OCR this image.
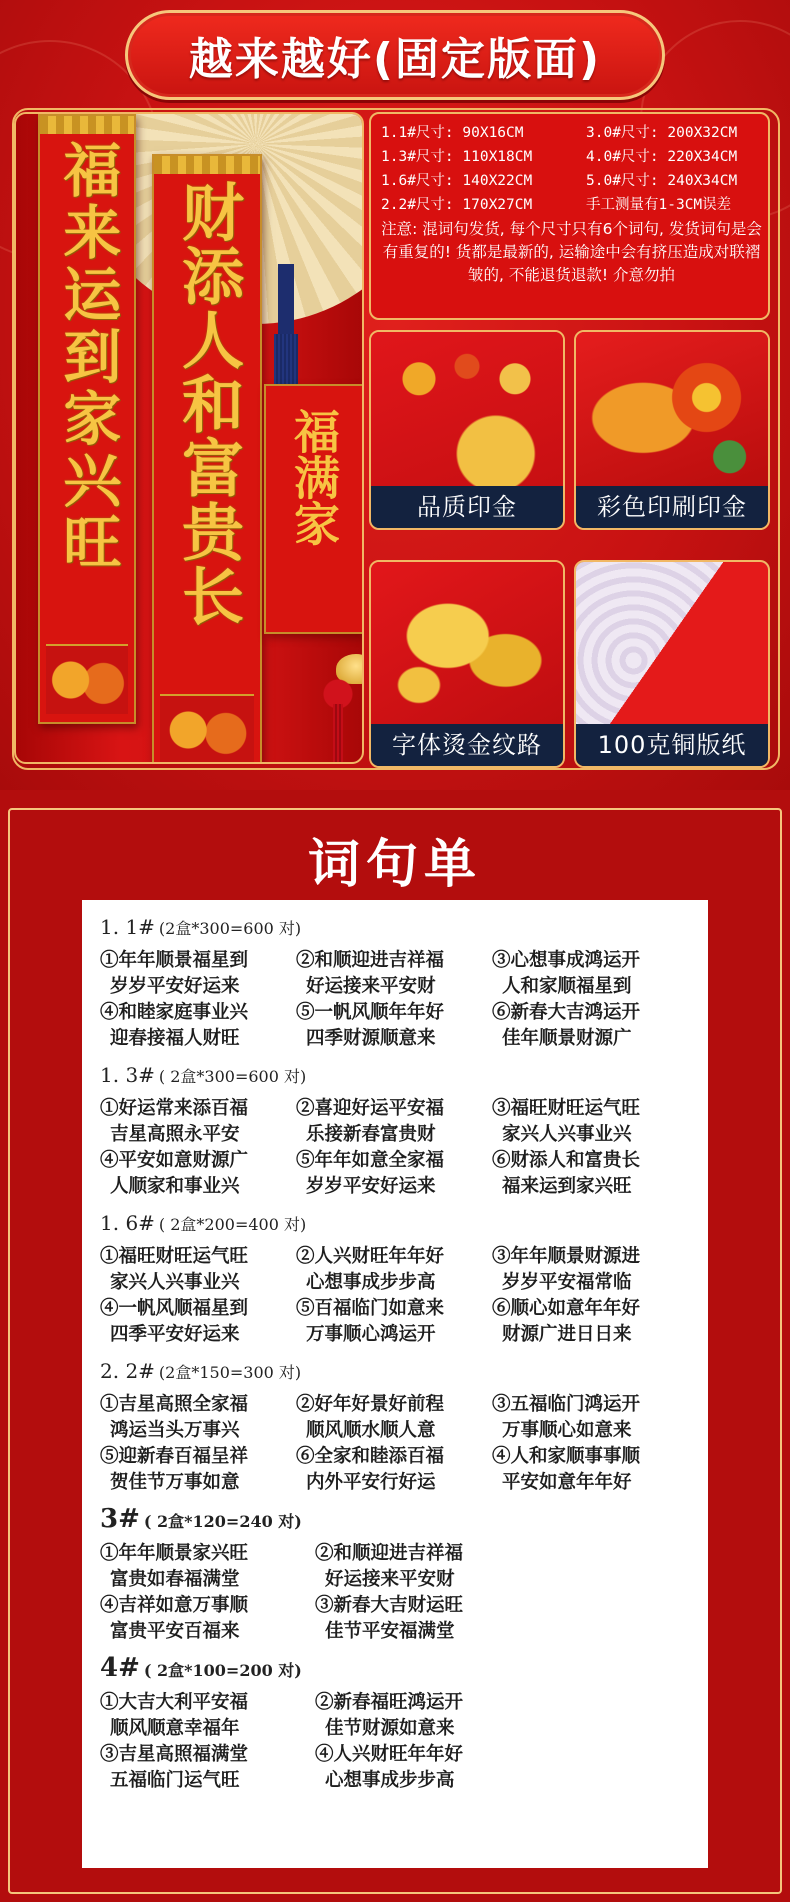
越来越好(固定版面)
福来运到家兴旺 财添人和富贵长 福满家
1.1#尺寸: 90X16CM	3.0#尺寸: 200X32CM
1.3#尺寸: 110X18CM	4.0#尺寸: 220X34CM
1.6#尺寸: 140X22CM	5.0#尺寸: 240X34CM
2.2#尺寸: 170X27CM	手工测量有1-3CM误差
注意: 混词句发货, 每个尺寸只有6个词句, 发货词句是会有重复的! 货都是最新的, 运输途中会有挤压造成对联褶皱的, 不能退货退款! 介意勿拍
品质印金	彩色印刷印金
字体烫金纹路	100克铜版纸
词句单
1. 1# (2盒*300=600 对)
①年年顺景福星到	②和顺迎进吉祥福	③心想事成鸿运开
岁岁平安好运来	好运接来平安财	人和家顺福星到
④和睦家庭事业兴	⑤一帆风顺年年好	⑥新春大吉鸿运开
迎春接福人财旺	四季财源顺意来	佳年顺景财源广
1. 3# ( 2盒*300=600 对)
①好运常来添百福	②喜迎好运平安福	③福旺财旺运气旺
吉星高照永平安	乐接新春富贵财	家兴人兴事业兴
④平安如意财源广	⑤年年如意全家福	⑥财添人和富贵长
人顺家和事业兴	岁岁平安好运来	福来运到家兴旺
1. 6# ( 2盒*200=400 对)
①福旺财旺运气旺	②人兴财旺年年好	③年年顺景财源进
家兴人兴事业兴	心想事成步步高	岁岁平安福常临
④一帆风顺福星到	⑤百福临门如意来	⑥顺心如意年年好
四季平安好运来	万事顺心鸿运开	财源广进日日来
2. 2# (2盒*150=300 对)
①吉星高照全家福	②好年好景好前程	③五福临门鸿运开
鸿运当头万事兴	顺风顺水顺人意	万事顺心如意来
⑤迎新春百福呈祥	⑥全家和睦添百福	④人和家顺事事顺
贺佳节万事如意	内外平安行好运	平安如意年年好
3# ( 2盒*120=240 对)
①年年顺景家兴旺	②和顺迎进吉祥福
富贵如春福满堂	好运接来平安财
④吉祥如意万事顺	③新春大吉财运旺
富贵平安百福来	佳节平安福满堂
4# ( 2盒*100=200 对)
①大吉大利平安福	②新春福旺鸿运开
顺风顺意幸福年	佳节财源如意来
③吉星高照福满堂	④人兴财旺年年好
五福临门运气旺	心想事成步步高
